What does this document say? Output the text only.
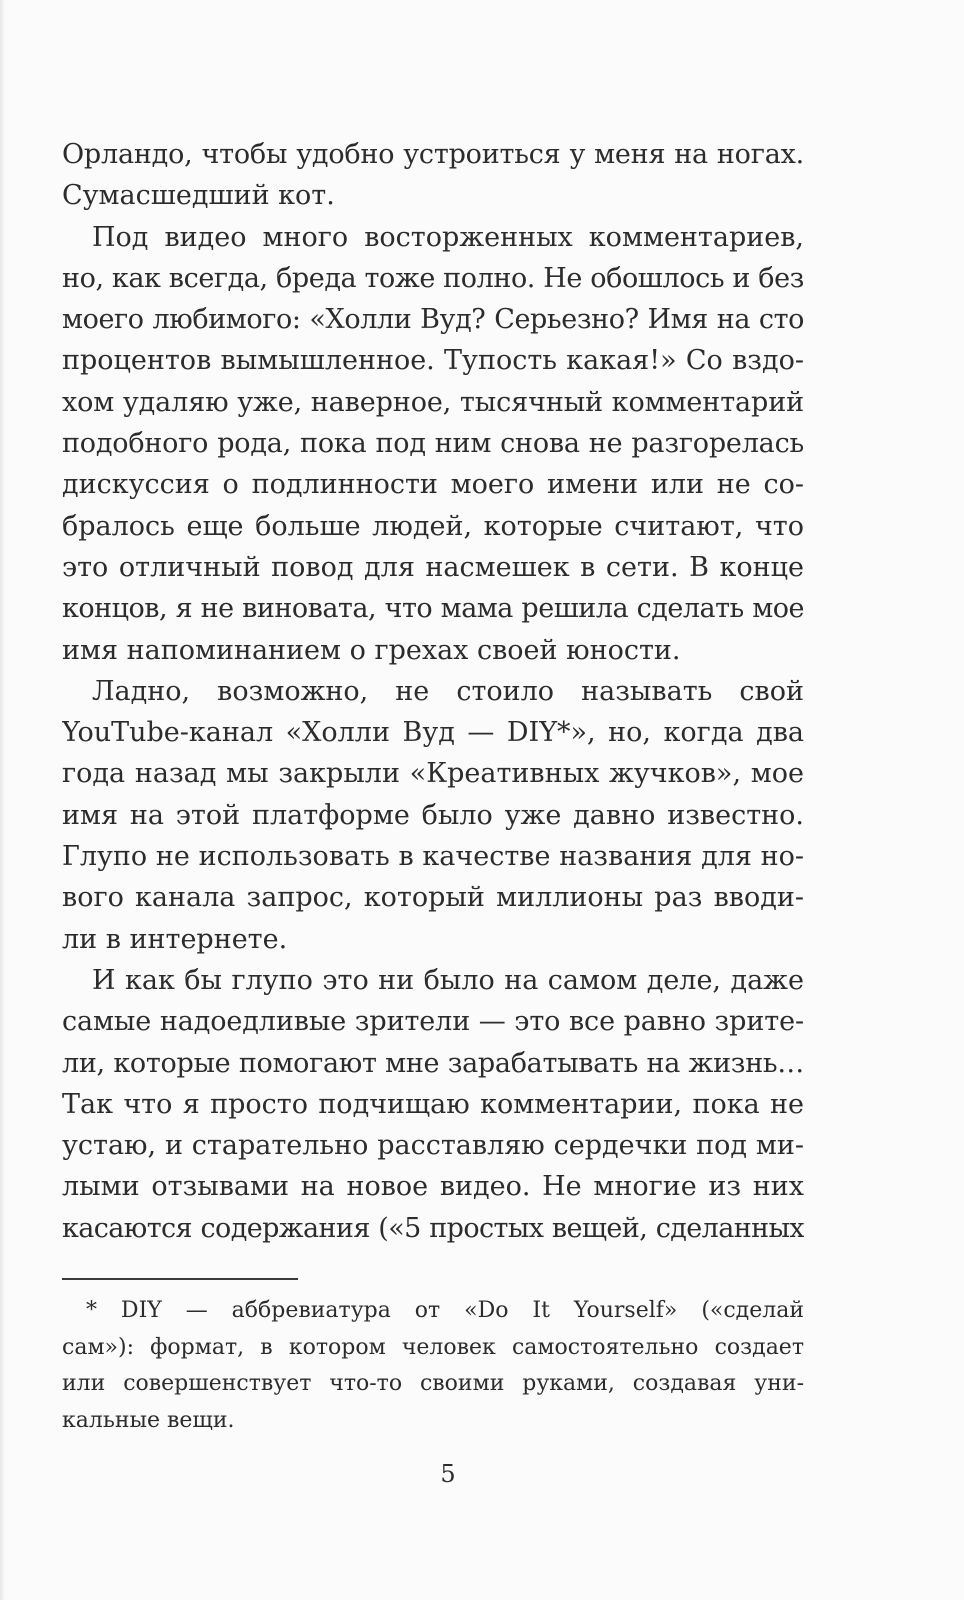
Орландо, чтобы удобно устроиться у меня на ногах.
Сумасшедший кот.
Под видео много восторженных комментариев,
но, как всегда, бреда тоже полно. Не обошлось и без
моего любимого: «Холли Вуд? Серьезно? Имя на сто
процентов вымышленное. Тупость какая!» Со вздо-
хом удаляю уже, наверное, тысячный комментарий
подобного рода, пока под ним снова не разгорелась
дискуссия о подлинности моего имени или не со-
бралось еще больше людей, которые считают, что
это отличный повод для насмешек в сети. В конце
концов, я не виновата, что мама решила сделать мое
имя напоминанием о грехах своей юности.
Ладно, возможно, не стоило называть свой
YouTube-канал «Холли Вуд — DIY*», но, когда два
года назад мы закрыли «Креативных жучков», мое
имя на этой платформе было уже давно известно.
Глупо не использовать в качестве названия для но-
вого канала запрос, который миллионы раз вводи-
ли в интернете.
И как бы глупо это ни было на самом деле, даже
самые надоедливые зрители — это все равно зрите-
ли, которые помогают мне зарабатывать на жизнь…
Так что я просто подчищаю комментарии, пока не
устаю, и старательно расставляю сердечки под ми-
лыми отзывами на новое видео. Не многие из них
касаются содержания («5 простых вещей, сделанных
* DIY — аббревиатура от «Do It Yourself» («сделай
сам»): формат, в котором человек самостоятельно создает
или совершенствует что-то своими руками, создавая уни-
кальные вещи.
5
